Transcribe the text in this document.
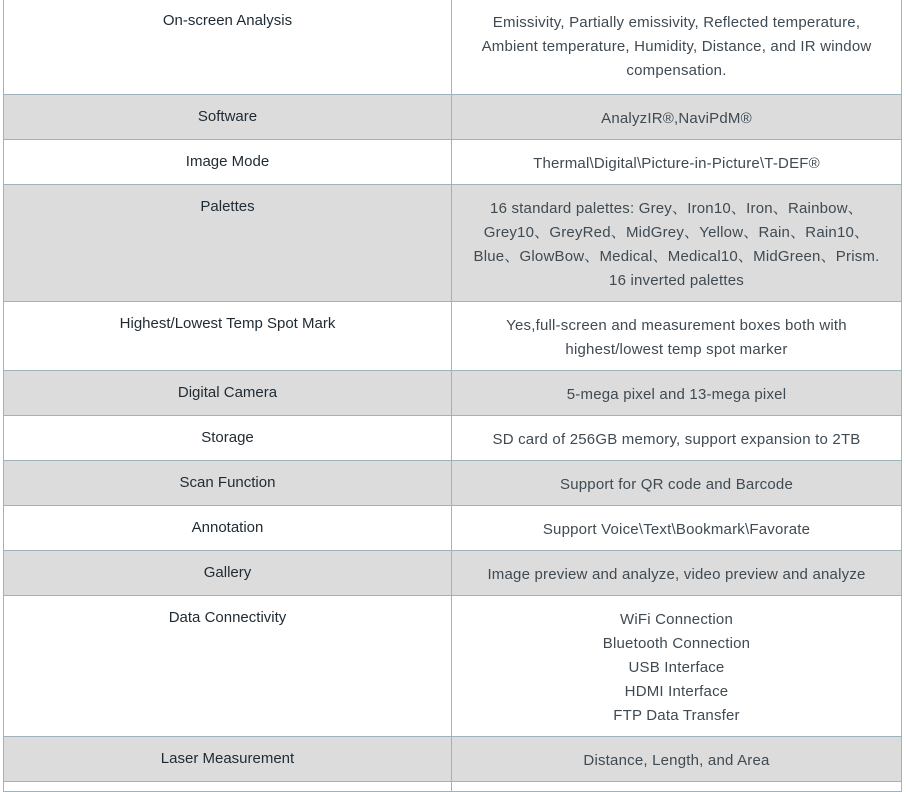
On-screen Analysis	Emissivity, Partially emissivity, Reflected temperature,
Ambient temperature, Humidity, Distance, and IR window
compensation.

Software	AnalyzIR®,NaviPdM®

Image Mode	Thermal\Digital\Picture-in-Picture\T-DEF®

Palettes	16 standard palettes: Grey、Iron10、Iron、Rainbow、
Grey10、GreyRed、MidGrey、Yellow、Rain、Rain10、
Blue、GlowBow、Medical、Medical10、MidGreen、Prism.
16 inverted palettes

Highest/Lowest Temp Spot Mark	Yes,full-screen and measurement boxes both with
highest/lowest temp spot marker

Digital Camera	5-mega pixel and 13-mega pixel

Storage	SD card of 256GB memory, support expansion to 2TB

Scan Function	Support for QR code and Barcode

Annotation	Support Voice\Text\Bookmark\Favorate

Gallery	Image preview and analyze, video preview and analyze

Data Connectivity	WiFi Connection
Bluetooth Connection
USB Interface
HDMI Interface
FTP Data Transfer

Laser Measurement	Distance, Length, and Area
